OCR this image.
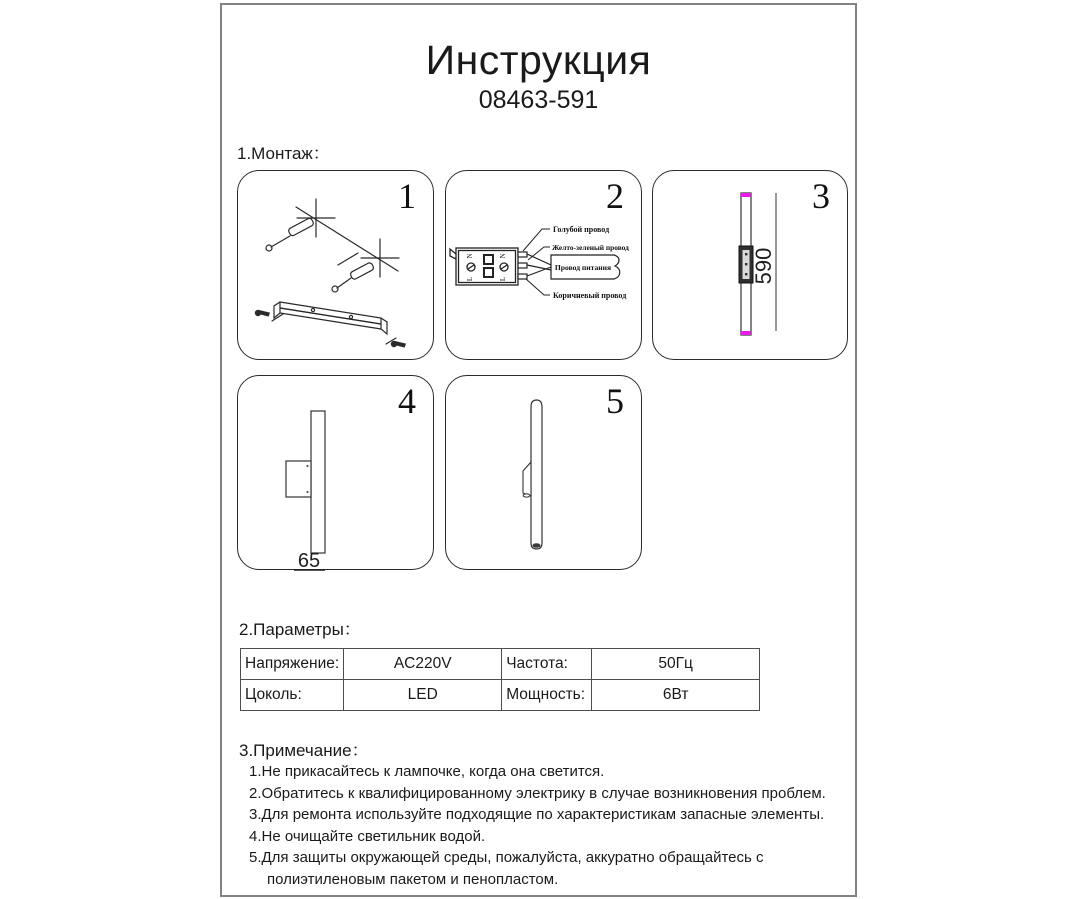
Инструкция
08463-591
1.Монтаж：
1
N
L
N
L
Голубой провод
Желто-зеленый провод
Провод питания
Коричневый провод
2
590
3
65
4	5
2.Параметры：
Напряжение:	AC220V	Частота:	50Гц
Цоколь:	LED	Мощность:	6Вт
3.Примечание：
1.Не прикасайтесь к лампочке, когда она светится.
2.Обратитесь к квалифицированному электрику в случае возникновения проблем.
3.Для ремонта используйте подходящие по характеристикам запасные элементы.
4.Не очищайте светильник водой.
5.Для защиты окружающей среды, пожалуйста, аккуратно обращайтесь с полиэтиленовым пакетом и пенопластом.
